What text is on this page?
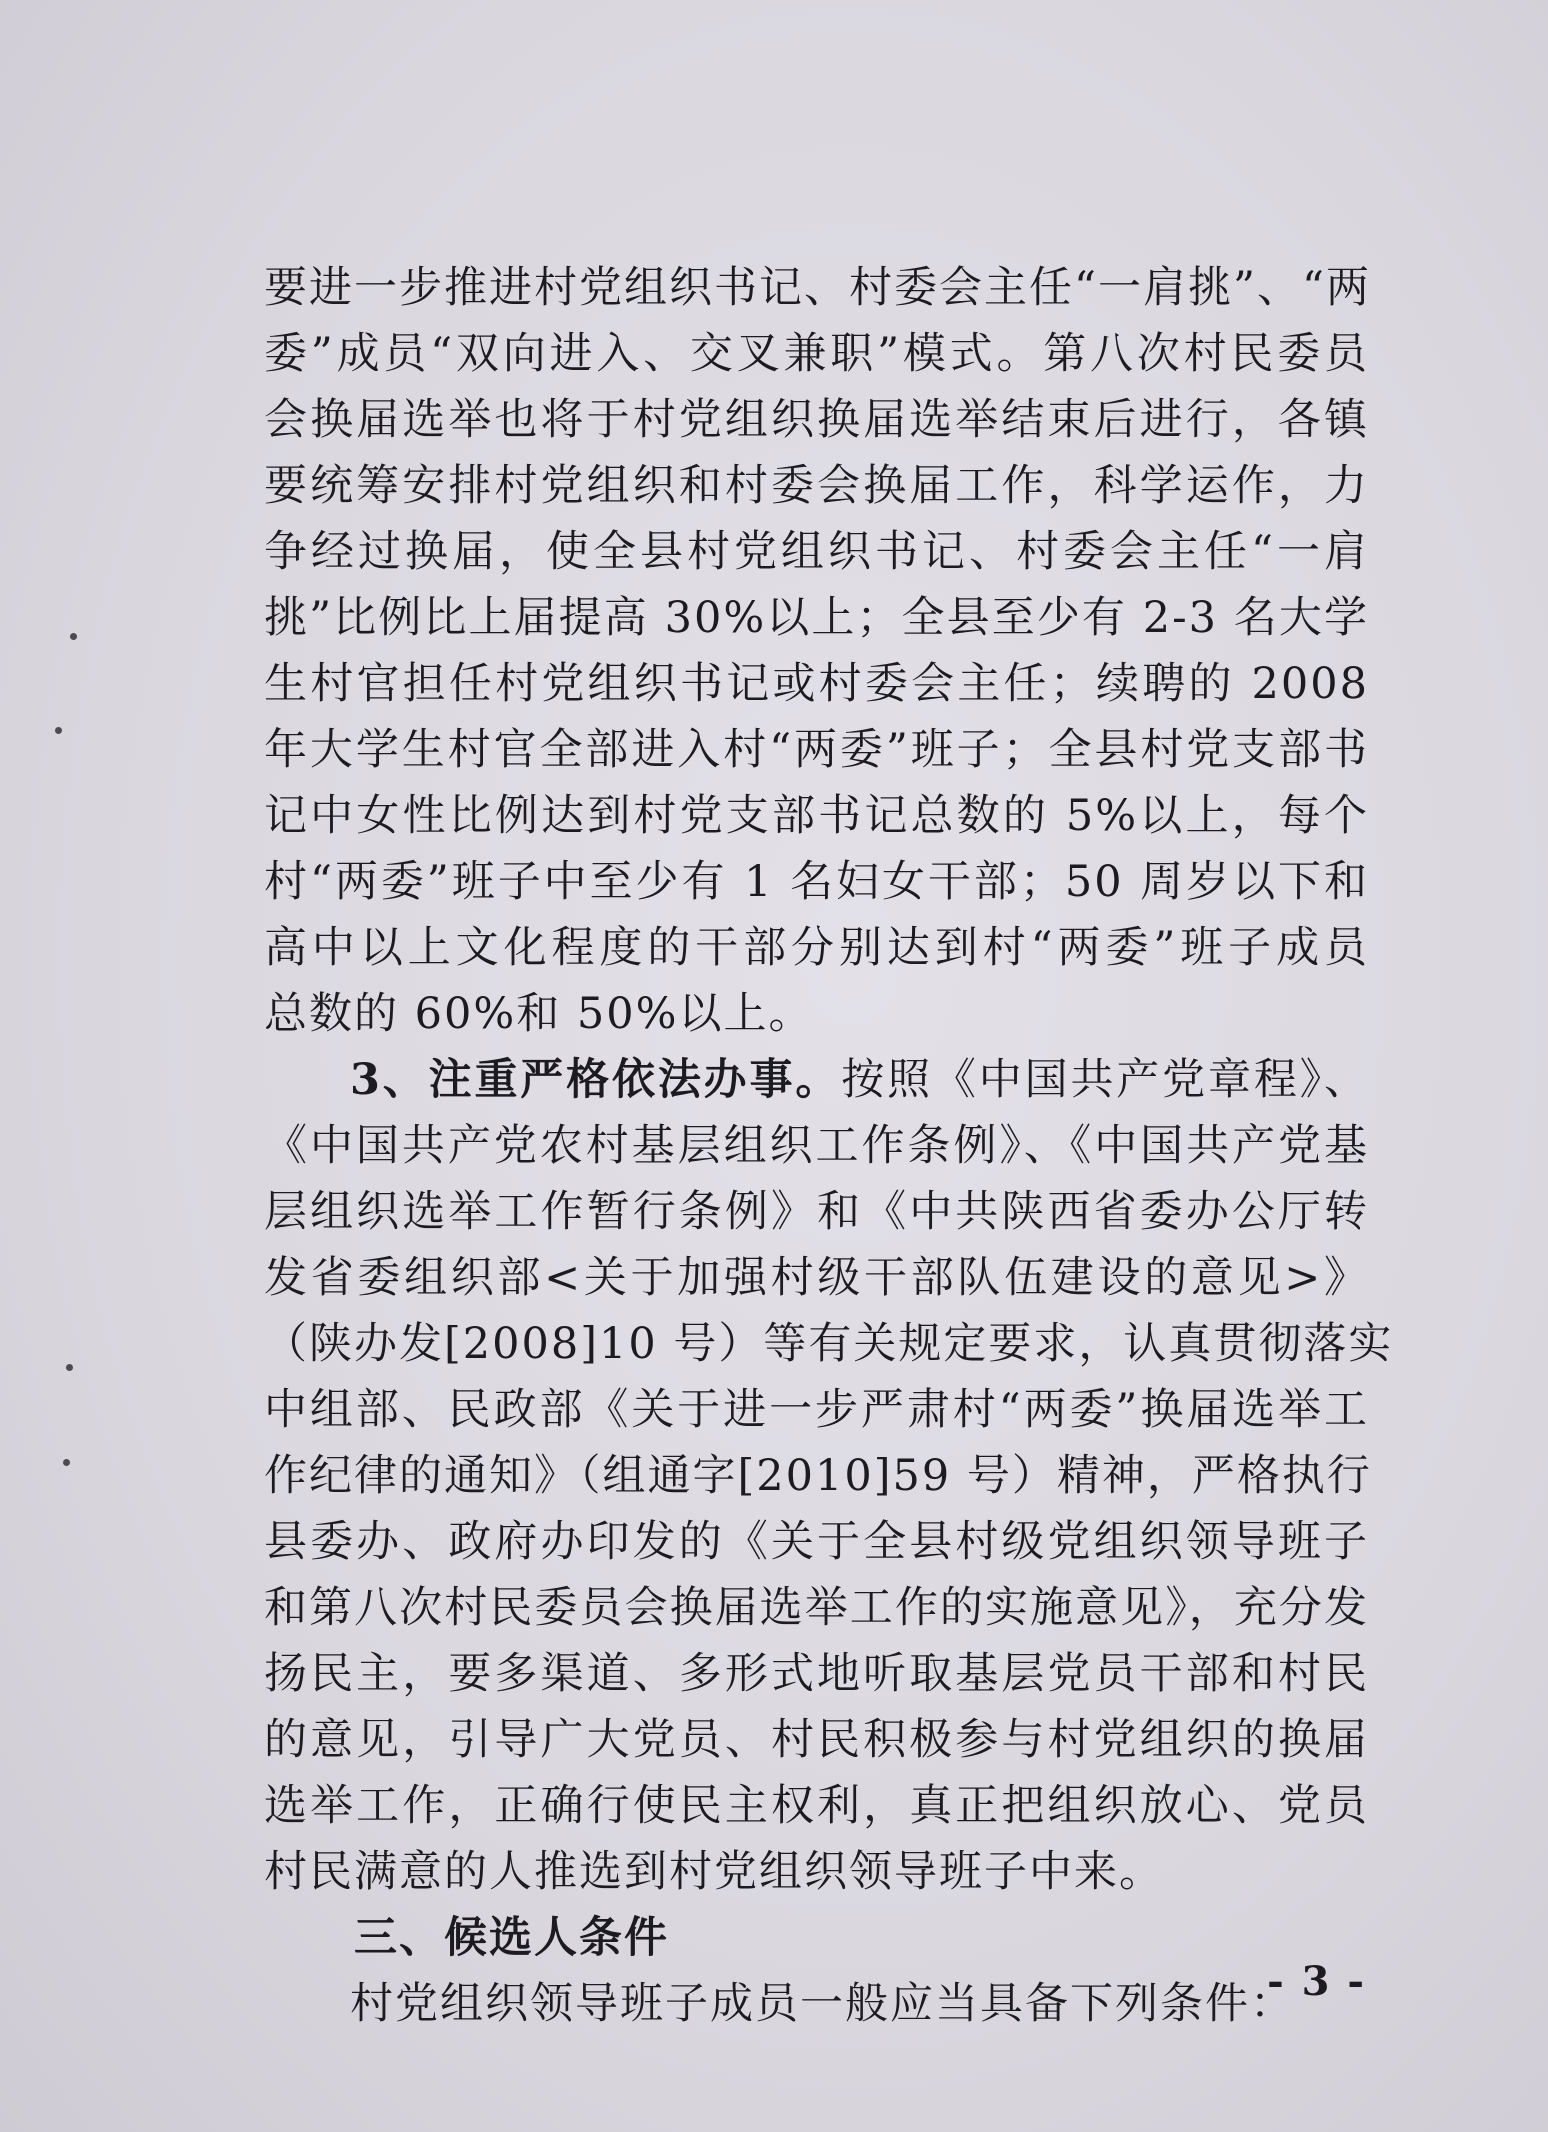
要进一步推进村党组织书记、村委会主任“一肩挑”、“两
委”成员“双向进入、交叉兼职”模式。第八次村民委员
会换届选举也将于村党组织换届选举结束后进行，各镇
要统筹安排村党组织和村委会换届工作，科学运作，力
争经过换届，使全县村党组织书记、村委会主任“一肩
挑”比例比上届提高 30%以上；全县至少有 2-3 名大学
生村官担任村党组织书记或村委会主任；续聘的 2008
年大学生村官全部进入村“两委”班子；全县村党支部书
记中女性比例达到村党支部书记总数的 5%以上，每个
村“两委”班子中至少有 1 名妇女干部；50 周岁以下和
高中以上文化程度的干部分别达到村“两委”班子成员
总数的 60%和 50%以上。
3、注重严格依法办事。按照《中国共产党章程》、
《中国共产党农村基层组织工作条例》、《中国共产党基
层组织选举工作暂行条例》和《中共陕西省委办公厅转
发省委组织部<关于加强村级干部队伍建设的意见>》
（陕办发[2008]10 号）等有关规定要求，认真贯彻落实
中组部、民政部《关于进一步严肃村“两委”换届选举工
作纪律的通知》（组通字[2010]59 号）精神，严格执行
县委办、政府办印发的《关于全县村级党组织领导班子
和第八次村民委员会换届选举工作的实施意见》，充分发
扬民主，要多渠道、多形式地听取基层党员干部和村民
的意见，引导广大党员、村民积极参与村党组织的换届
选举工作，正确行使民主权利，真正把组织放心、党员
村民满意的人推选到村党组织领导班子中来。
三、候选人条件
村党组织领导班子成员一般应当具备下列条件：
- 3 -
